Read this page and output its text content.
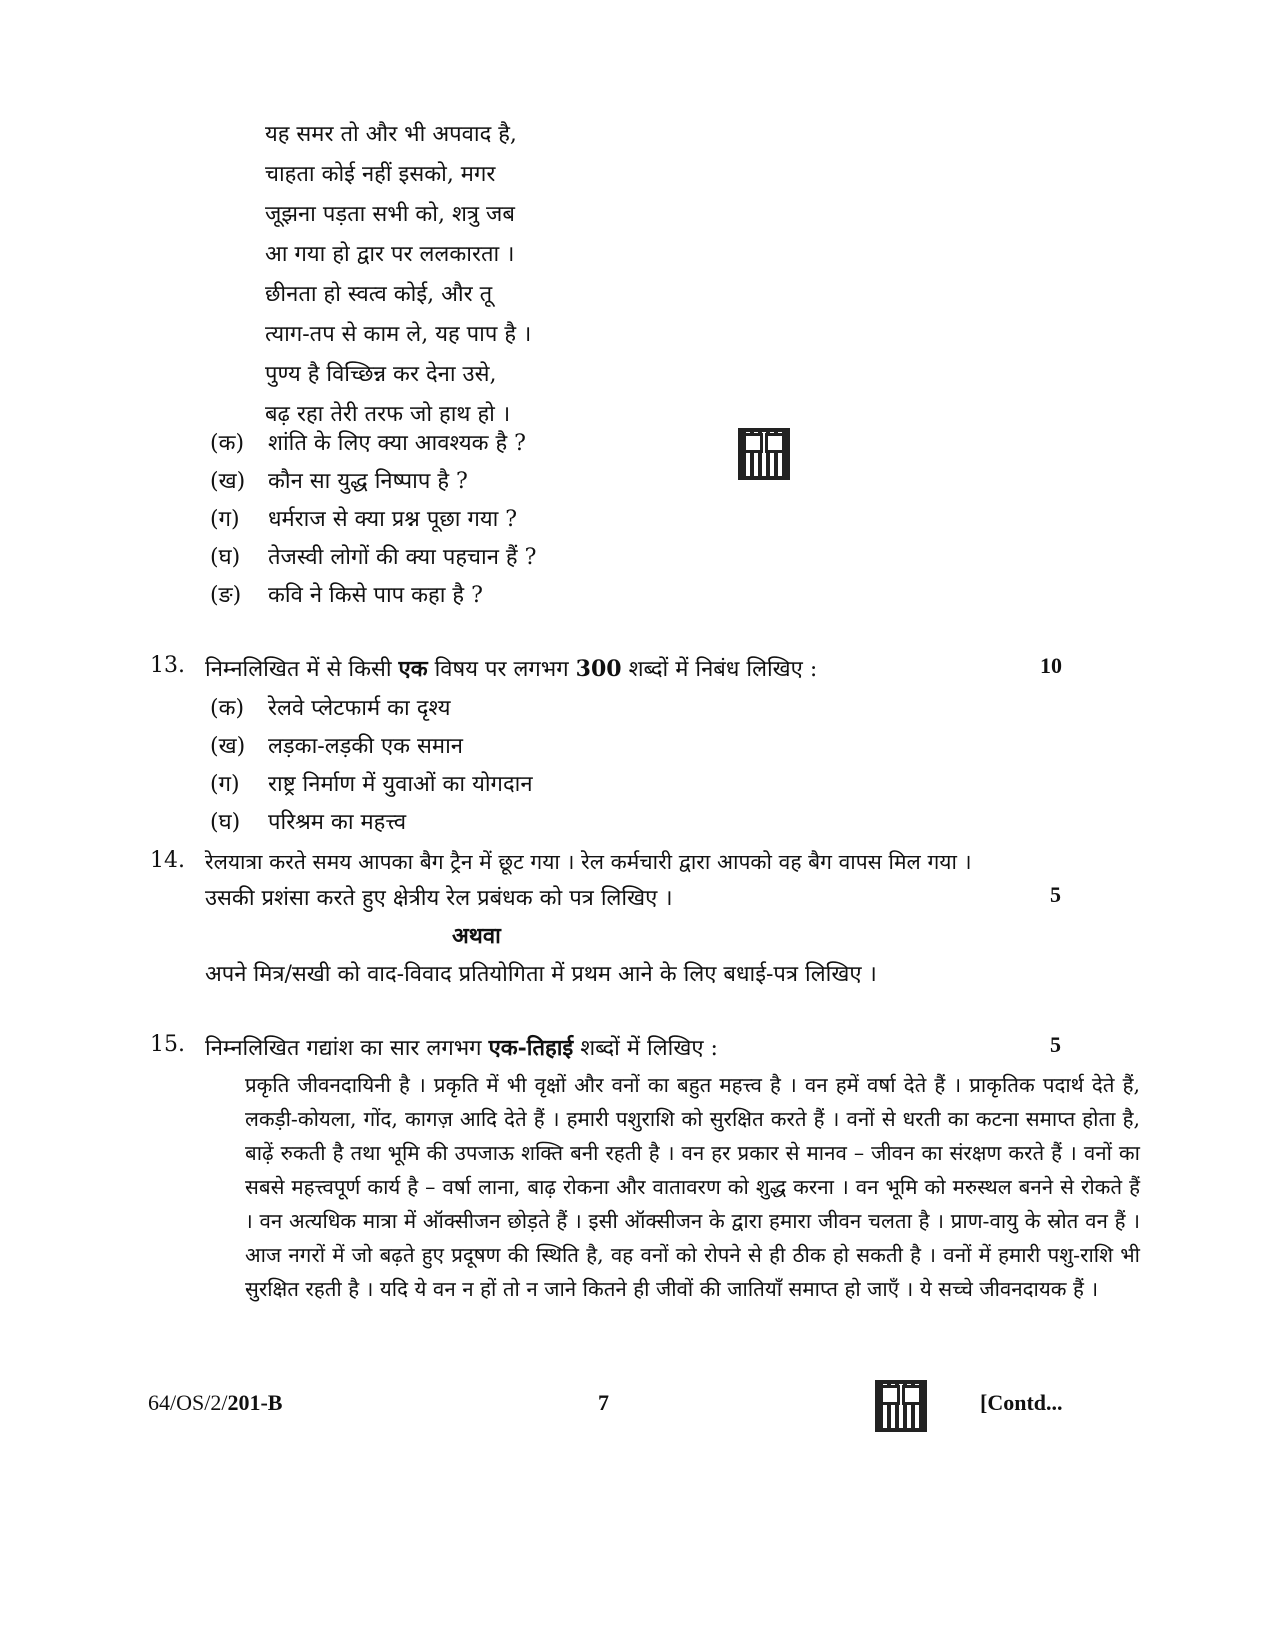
यह समर तो और भी अपवाद है,
चाहता कोई नहीं इसको, मगर
जूझना पड़ता सभी को, शत्रु जब
आ गया हो द्वार पर ललकारता ।
छीनता हो स्वत्व कोई, और तू
त्याग-तप से काम ले, यह पाप है ।
पुण्य है विच्छिन्न कर देना उसे,
बढ़ रहा तेरी तरफ जो हाथ हो ।
(क) शांति के लिए क्या आवश्यक है ?
(ख) कौन सा युद्ध निष्पाप है ?
(ग) धर्मराज से क्या प्रश्न पूछा गया ?
(घ) तेजस्वी लोगों की क्या पहचान हैं ?
(ङ) कवि ने किसे पाप कहा है ?
13. निम्नलिखित में से किसी एक विषय पर लगभग 300 शब्दों में निबंध लिखिए :	10
(क) रेलवे प्लेटफार्म का दृश्य
(ख) लड़का-लड़की एक समान
(ग) राष्ट्र निर्माण में युवाओं का योगदान
(घ) परिश्रम का महत्त्व
14. रेलयात्रा करते समय आपका बैग ट्रैन में छूट गया । रेल कर्मचारी द्वारा आपको वह बैग वापस मिल गया ।
उसकी प्रशंसा करते हुए क्षेत्रीय रेल प्रबंधक को पत्र लिखिए ।	5
अथवा
अपने मित्र/सखी को वाद-विवाद प्रतियोगिता में प्रथम आने के लिए बधाई-पत्र लिखिए ।
15. निम्नलिखित गद्यांश का सार लगभग एक-तिहाई शब्दों में लिखिए :	5
प्रकृति जीवनदायिनी है । प्रकृति में भी वृक्षों और वनों का बहुत महत्त्व है । वन हमें वर्षा देते हैं । प्राकृतिक पदार्थ देते हैं, लकड़ी-कोयला, गोंद, कागज़ आदि देते हैं । हमारी पशुराशि को सुरक्षित करते हैं । वनों से धरती का कटना समाप्त होता है, बाढ़ें रुकती है तथा भूमि की उपजाऊ शक्ति बनी रहती है । वन हर प्रकार से मानव – जीवन का संरक्षण करते हैं । वनों का सबसे महत्त्वपूर्ण कार्य है – वर्षा लाना, बाढ़ रोकना और वातावरण को शुद्ध करना । वन भूमि को मरुस्थल बनने से रोकते हैं । वन अत्यधिक मात्रा में ऑक्सीजन छोड़ते हैं । इसी ऑक्सीजन के द्वारा हमारा जीवन चलता है । प्राण-वायु के स्रोत वन हैं । आज नगरों में जो बढ़ते हुए प्रदूषण की स्थिति है, वह वनों को रोपने से ही ठीक हो सकती है । वनों में हमारी पशु-राशि भी सुरक्षित रहती है । यदि ये वन न हों तो न जाने कितने ही जीवों की जातियाँ समाप्त हो जाएँ । ये सच्चे जीवनदायक हैं ।
64/OS/2/201-B	7	[Contd...
